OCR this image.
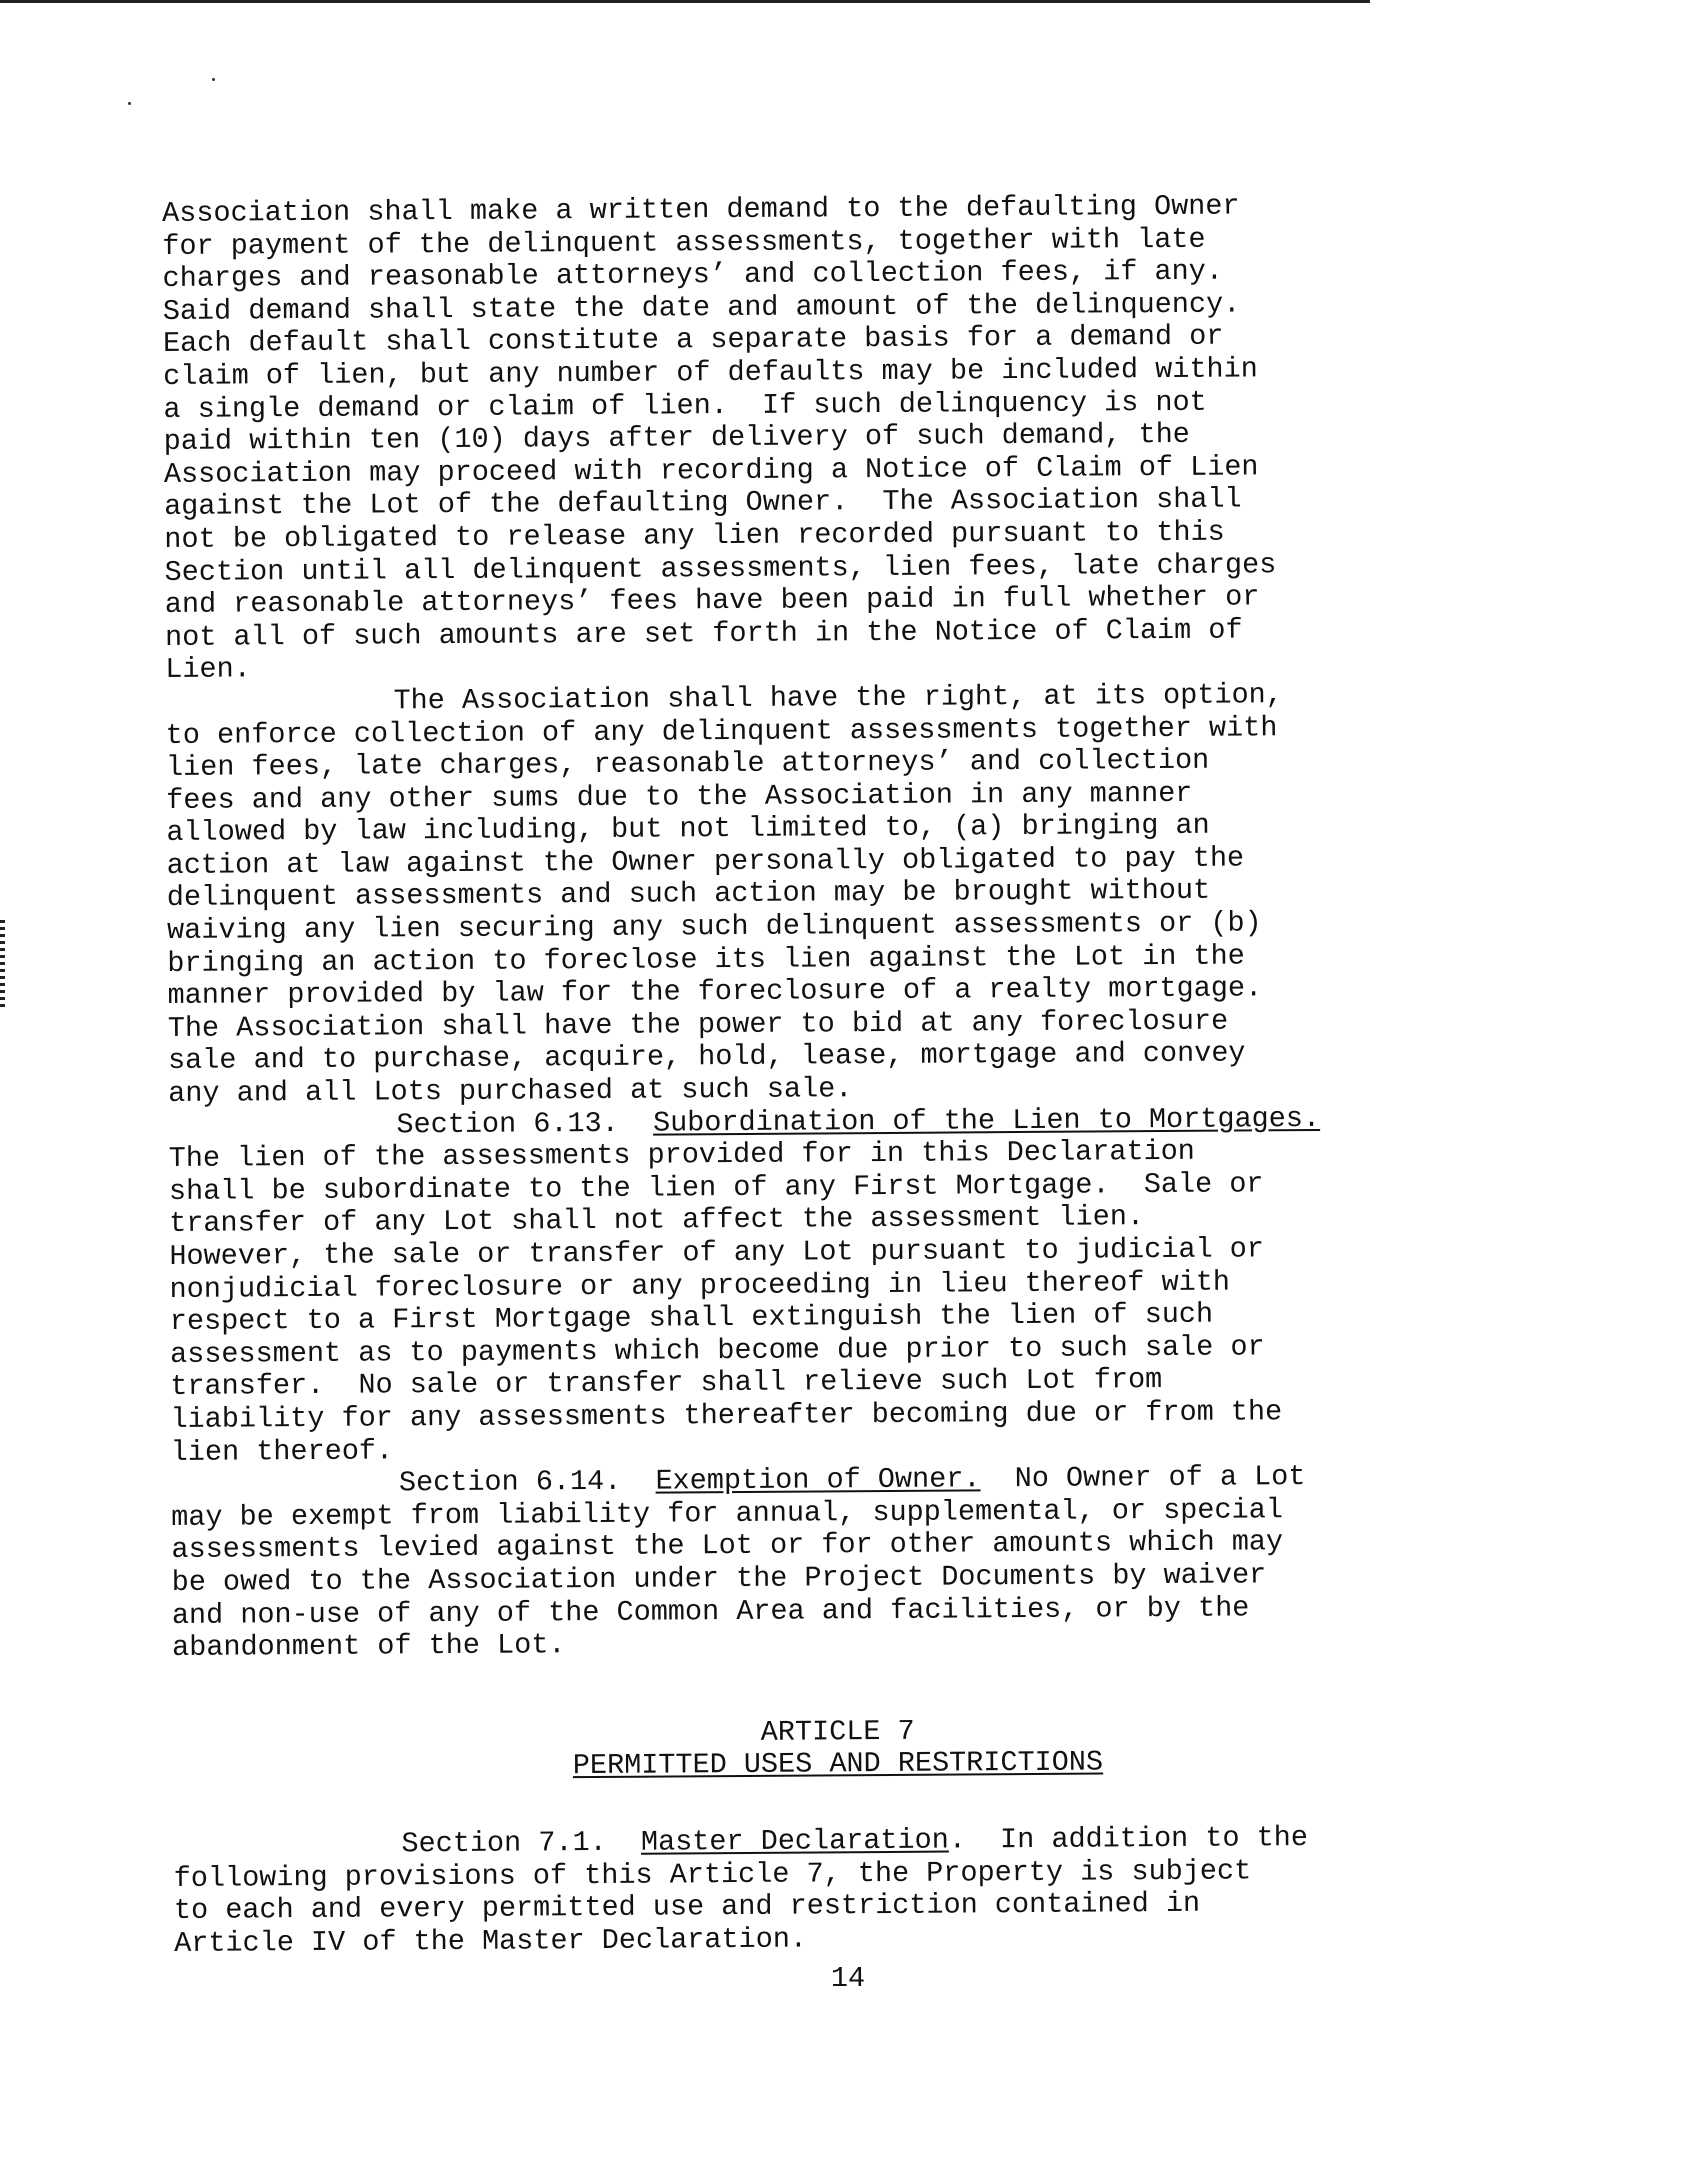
Association shall make a written demand to the defaulting Owner
for payment of the delinquent assessments, together with late
charges and reasonable attorneys’ and collection fees, if any.
Said demand shall state the date and amount of the delinquency.
Each default shall constitute a separate basis for a demand or
claim of lien, but any number of defaults may be included within
a single demand or claim of lien.  If such delinquency is not
paid within ten (10) days after delivery of such demand, the
Association may proceed with recording a Notice of Claim of Lien
against the Lot of the defaulting Owner.  The Association shall
not be obligated to release any lien recorded pursuant to this
Section until all delinquent assessments, lien fees, late charges
and reasonable attorneys’ fees have been paid in full whether or
not all of such amounts are set forth in the Notice of Claim of
Lien.

The Association shall have the right, at its option,

to enforce collection of any delinquent assessments together with
lien fees, late charges, reasonable attorneys’ and collection
fees and any other sums due to the Association in any manner
allowed by law including, but not limited to, (a) bringing an
action at law against the Owner personally obligated to pay the
delinquent assessments and such action may be brought without
waiving any lien securing any such delinquent assessments or (b)
bringing an action to foreclose its lien against the Lot in the
manner provided by law for the foreclosure of a realty mortgage.
The Association shall have the power to bid at any foreclosure
sale and to purchase, acquire, hold, lease, mortgage and convey
any and all Lots purchased at such sale.

Section 6.13. Subordination of the Lien to Mortgages.

The lien of the assessments provided for in this Declaration
shall be subordinate to the lien of any First Mortgage.  Sale or
transfer of any Lot shall not affect the assessment lien.
However, the sale or transfer of any Lot pursuant to judicial or
nonjudicial foreclosure or any proceeding in lieu thereof with
respect to a First Mortgage shall extinguish the lien of such
assessment as to payments which become due prior to such sale or
transfer.  No sale or transfer shall relieve such Lot from
liability for any assessments thereafter becoming due or from the
lien thereof.

Section 6.14. Exemption of Owner. No Owner of a Lot

may be exempt from liability for annual, supplemental, or special
assessments levied against the Lot or for other amounts which may
be owed to the Association under the Project Documents by waiver
and non-use of any of the Common Area and facilities, or by the
abandonment of the Lot.

ARTICLE 7
PERMITTED USES AND RESTRICTIONS

Section 7.1. Master Declaration.  In addition to the

following provisions of this Article 7, the Property is subject
to each and every permitted use and restriction contained in
Article IV of the Master Declaration.

14
